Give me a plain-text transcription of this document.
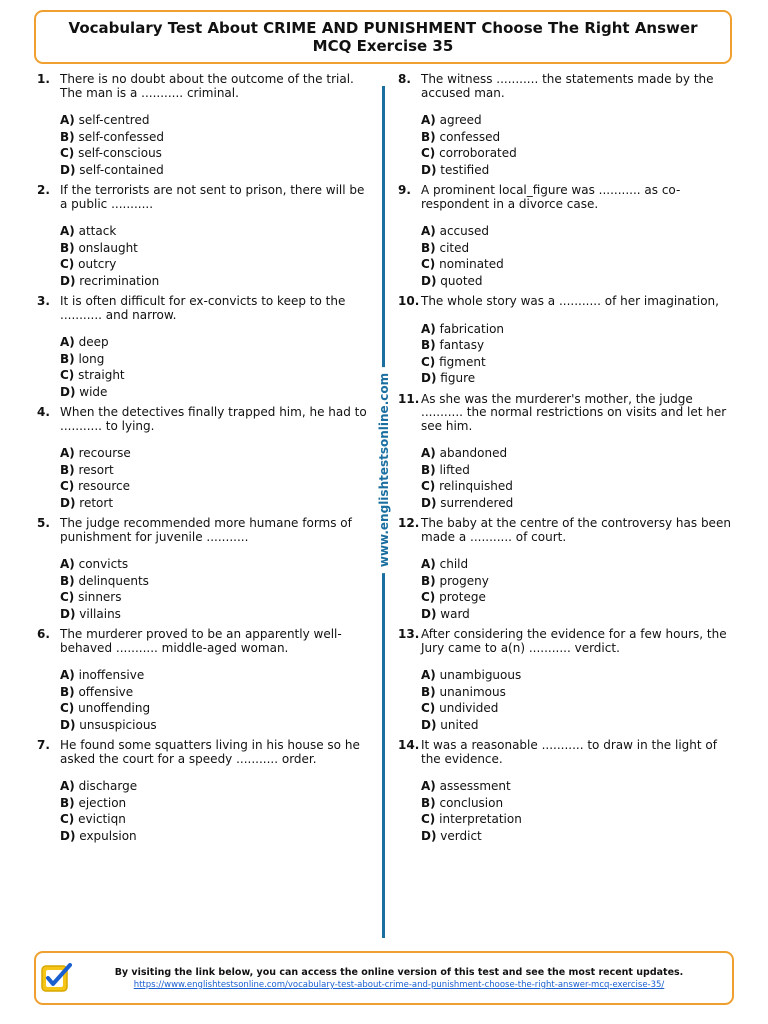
Vocabulary Test About CRIME AND PUNISHMENT Choose The Right Answer
MCQ Exercise 35
1. There is no doubt about the outcome of the trial. The man is a ........... criminal.
A) self-centred
B) self-confessed
C) self-conscious
D) self-contained
2. If the terrorists are not sent to prison, there will be a public ...........
A) attack
B) onslaught
C) outcry
D) recrimination
3. It is often difficult for ex-convicts to keep to the ........... and narrow.
A) deep
B) long
C) straight
D) wide
4. When the detectives finally trapped him, he had to ........... to lying.
A) recourse
B) resort
C) resource
D) retort
5. The judge recommended more humane forms of punishment for juvenile ...........
A) convicts
B) delinquents
C) sinners
D) villains
6. The murderer proved to be an apparently well-behaved ........... middle-aged woman.
A) inoffensive
B) offensive
C) unoffending
D) unsuspicious
7. He found some squatters living in his house so he asked the court for a speedy ........... order.
A) discharge
B) ejection
C) evictiqn
D) expulsion
www.englishtestsonline.com
8. The witness ........... the statements made by the accused man.
A) agreed
B) confessed
C) corroborated
D) testified
9. A prominent local_figure was ........... as co-respondent in a divorce case.
A) accused
B) cited
C) nominated
D) quoted
10. The whole story was a ........... of her imagination,
A) fabrication
B) fantasy
C) figment
D) figure
11. As she was the murderer's mother, the judge ........... the normal restrictions on visits and let her see him.
A) abandoned
B) lifted
C) relinquished
D) surrendered
12. The baby at the centre of the controversy has been made a ........... of court.
A) child
B) progeny
C) protege
D) ward
13. After considering the evidence for a few hours, the Jury came to a(n) ........... verdict.
A) unambiguous
B) unanimous
C) undivided
D) united
14. It was a reasonable ........... to draw in the light of the evidence.
A) assessment
B) conclusion
C) interpretation
D) verdict
By visiting the link below, you can access the online version of this test and see the most recent updates.
https://www.englishtestsonline.com/vocabulary-test-about-crime-and-punishment-choose-the-right-answer-mcq-exercise-35/
